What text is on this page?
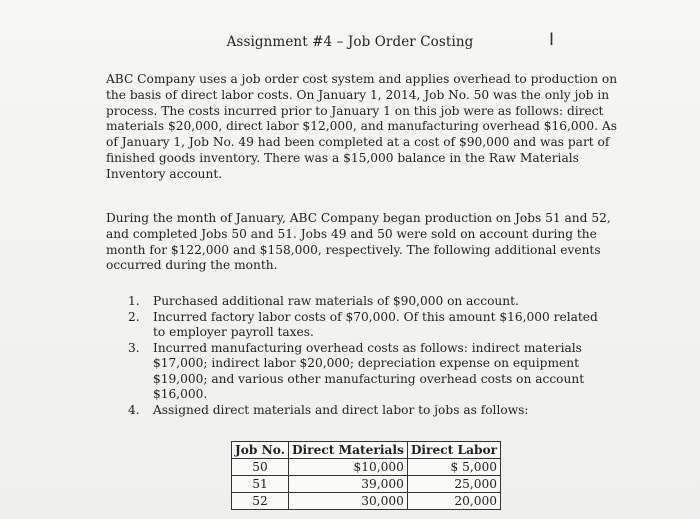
Assignment #4 – Job Order Costing	I

ABC Company uses a job order cost system and applies overhead to production on the basis of direct labor costs. On January 1, 2014, Job No. 50 was the only job in process. The costs incurred prior to January 1 on this job were as follows: direct materials $20,000, direct labor $12,000, and manufacturing overhead $16,000. As of January 1, Job No. 49 had been completed at a cost of $90,000 and was part of finished goods inventory. There was a $15,000 balance in the Raw Materials Inventory account.

During the month of January, ABC Company began production on Jobs 51 and 52, and completed Jobs 50 and 51. Jobs 49 and 50 were sold on account during the month for $122,000 and $158,000, respectively. The following additional events occurred during the month.

1. Purchased additional raw materials of $90,000 on account.
2. Incurred factory labor costs of $70,000. Of this amount $16,000 related to employer payroll taxes.
3. Incurred manufacturing overhead costs as follows: indirect materials $17,000; indirect labor $20,000; depreciation expense on equipment $19,000; and various other manufacturing overhead costs on account $16,000.
4. Assigned direct materials and direct labor to jobs as follows:
Job No.	Direct Materials	Direct Labor
50	$10,000	$ 5,000
51	39,000	25,000
52	30,000	20,000
